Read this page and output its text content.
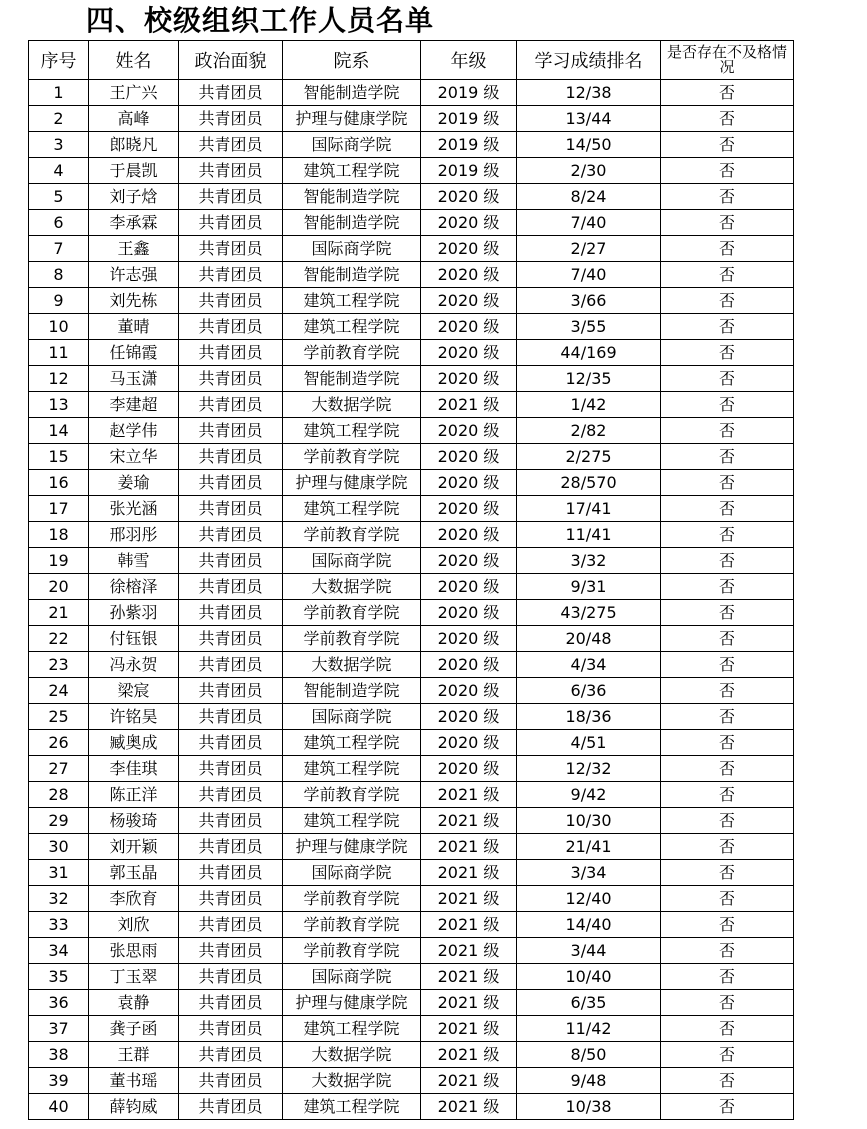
四、校级组织工作人员名单
序号	姓名	政治面貌	院系	年级	学习成绩排名	是否存在不及格情况
1	王广兴	共青团员	智能制造学院	2019 级	12/38	否
2	高峰	共青团员	护理与健康学院	2019 级	13/44	否
3	郎晓凡	共青团员	国际商学院	2019 级	14/50	否
4	于晨凯	共青团员	建筑工程学院	2019 级	2/30	否
5	刘子焓	共青团员	智能制造学院	2020 级	8/24	否
6	李承霖	共青团员	智能制造学院	2020 级	7/40	否
7	王鑫	共青团员	国际商学院	2020 级	2/27	否
8	许志强	共青团员	智能制造学院	2020 级	7/40	否
9	刘先栋	共青团员	建筑工程学院	2020 级	3/66	否
10	董晴	共青团员	建筑工程学院	2020 级	3/55	否
11	任锦霞	共青团员	学前教育学院	2020 级	44/169	否
12	马玉潇	共青团员	智能制造学院	2020 级	12/35	否
13	李建超	共青团员	大数据学院	2021 级	1/42	否
14	赵学伟	共青团员	建筑工程学院	2020 级	2/82	否
15	宋立华	共青团员	学前教育学院	2020 级	2/275	否
16	姜瑜	共青团员	护理与健康学院	2020 级	28/570	否
17	张光涵	共青团员	建筑工程学院	2020 级	17/41	否
18	邢羽彤	共青团员	学前教育学院	2020 级	11/41	否
19	韩雪	共青团员	国际商学院	2020 级	3/32	否
20	徐榕泽	共青团员	大数据学院	2020 级	9/31	否
21	孙紫羽	共青团员	学前教育学院	2020 级	43/275	否
22	付钰银	共青团员	学前教育学院	2020 级	20/48	否
23	冯永贺	共青团员	大数据学院	2020 级	4/34	否
24	梁宸	共青团员	智能制造学院	2020 级	6/36	否
25	许铭昊	共青团员	国际商学院	2020 级	18/36	否
26	臧奥成	共青团员	建筑工程学院	2020 级	4/51	否
27	李佳琪	共青团员	建筑工程学院	2020 级	12/32	否
28	陈正洋	共青团员	学前教育学院	2021 级	9/42	否
29	杨骏琦	共青团员	建筑工程学院	2021 级	10/30	否
30	刘开颖	共青团员	护理与健康学院	2021 级	21/41	否
31	郭玉晶	共青团员	国际商学院	2021 级	3/34	否
32	李欣育	共青团员	学前教育学院	2021 级	12/40	否
33	刘欣	共青团员	学前教育学院	2021 级	14/40	否
34	张思雨	共青团员	学前教育学院	2021 级	3/44	否
35	丁玉翠	共青团员	国际商学院	2021 级	10/40	否
36	袁静	共青团员	护理与健康学院	2021 级	6/35	否
37	龚子函	共青团员	建筑工程学院	2021 级	11/42	否
38	王群	共青团员	大数据学院	2021 级	8/50	否
39	董书瑶	共青团员	大数据学院	2021 级	9/48	否
40	薛钧威	共青团员	建筑工程学院	2021 级	10/38	否
